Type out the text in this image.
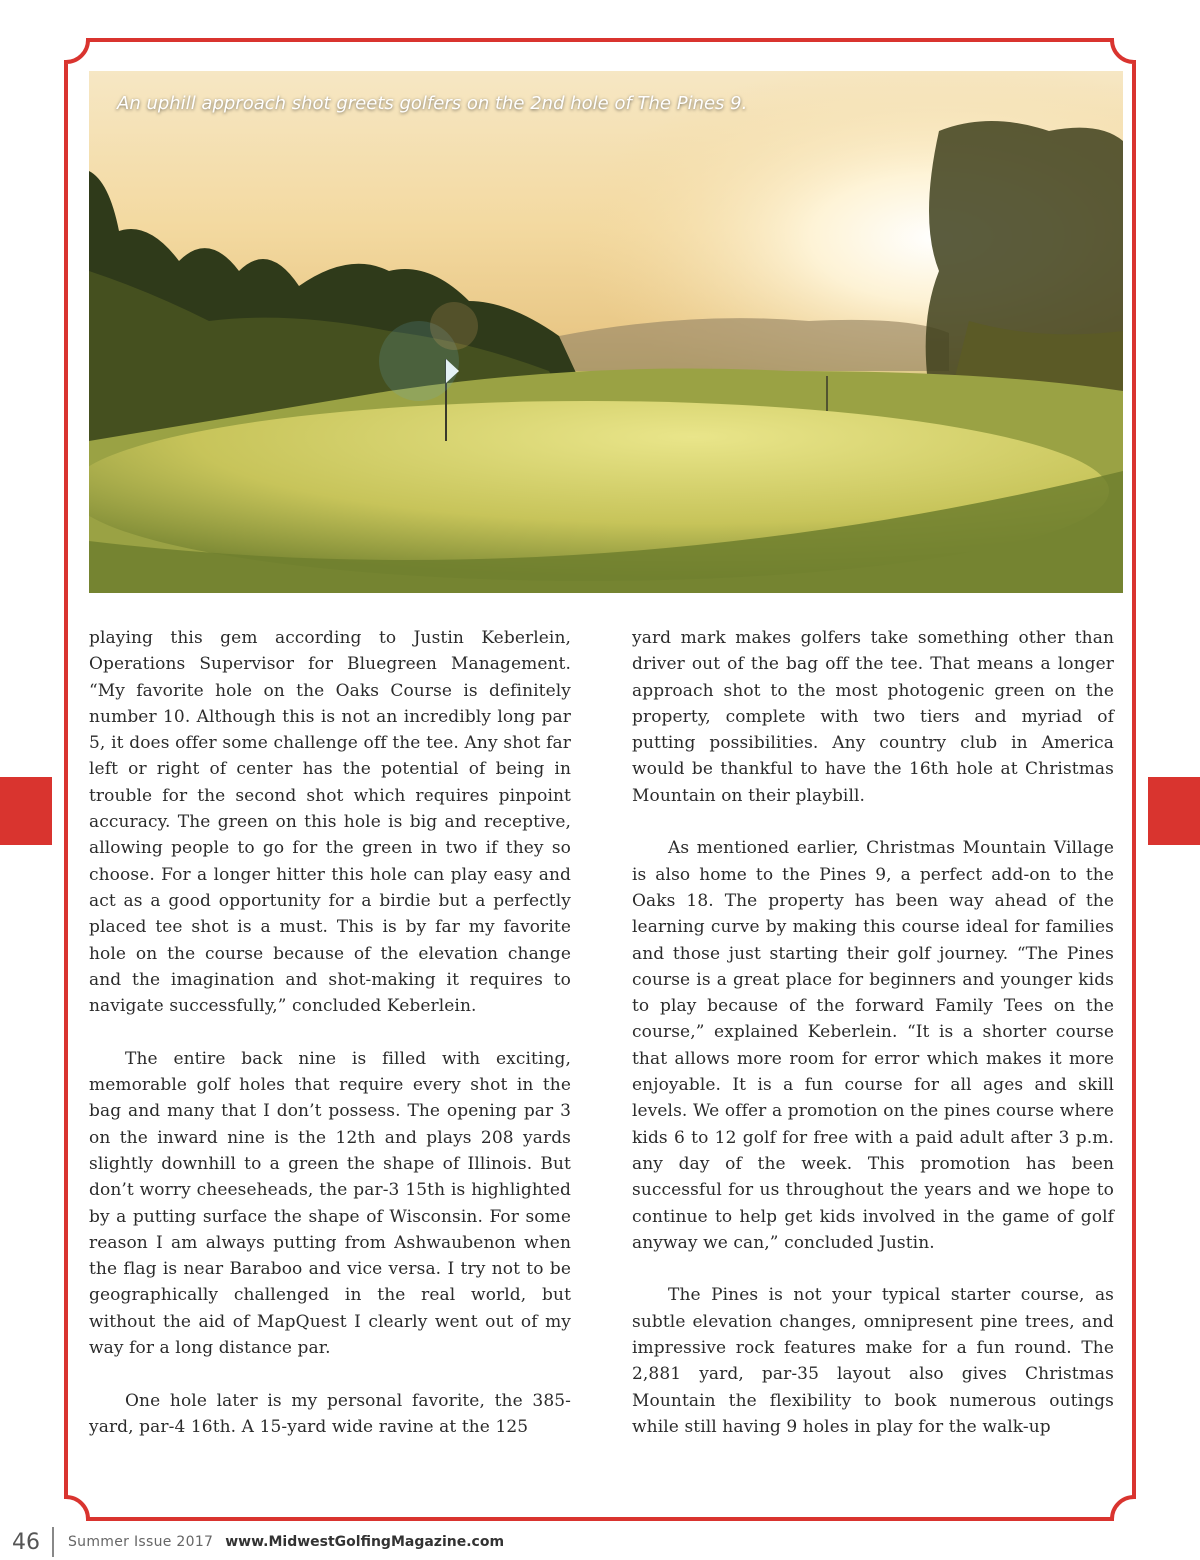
An uphill approach shot greets golfers on the 2nd hole of The Pines 9.

playing this gem according to Justin Keberlein, Operations Supervisor for Bluegreen Management. “My favorite hole on the Oaks Course is definitely number 10. Although this is not an incredibly long par 5, it does offer some challenge off the tee. Any shot far left or right of center has the potential of being in trouble for the second shot which requires pinpoint accuracy. The green on this hole is big and receptive, allowing people to go for the green in two if they so choose. For a longer hitter this hole can play easy and act as a good opportunity for a birdie but a perfectly placed tee shot is a must. This is by far my favorite hole on the course because of the elevation change and the imagination and shot-making it requires to navigate successfully,” concluded Keberlein.

The entire back nine is filled with exciting, memorable golf holes that require every shot in the bag and many that I don’t possess. The opening par 3 on the inward nine is the 12th and plays 208 yards slightly downhill to a green the shape of Illinois. But don’t worry cheeseheads, the par-3 15th is highlighted by a putting surface the shape of Wisconsin. For some reason I am always putting from Ashwaubenon when the flag is near Baraboo and vice versa. I try not to be geographically challenged in the real world, but without the aid of MapQuest I clearly went out of my way for a long distance par.

One hole later is my personal favorite, the 385-yard, par-4 16th. A 15-yard wide ravine at the 125

yard mark makes golfers take something other than driver out of the bag off the tee. That means a longer approach shot to the most photogenic green on the property, complete with two tiers and myriad of putting possibilities. Any country club in America would be thankful to have the 16th hole at Christmas Mountain on their playbill.

As mentioned earlier, Christmas Mountain Village is also home to the Pines 9, a perfect add-on to the Oaks 18. The property has been way ahead of the learning curve by making this course ideal for families and those just starting their golf journey. “The Pines course is a great place for beginners and younger kids to play because of the forward Family Tees on the course,” explained Keberlein. “It is a shorter course that allows more room for error which makes it more enjoyable. It is a fun course for all ages and skill levels. We offer a promotion on the pines course where kids 6 to 12 golf for free with a paid adult after 3 p.m. any day of the week. This promotion has been successful for us throughout the years and we hope to continue to help get kids involved in the game of golf anyway we can,” concluded Justin.

The Pines is not your typical starter course, as subtle elevation changes, omnipresent pine trees, and impressive rock features make for a fun round. The 2,881 yard, par-35 layout also gives Christmas Mountain the flexibility to book numerous outings while still having 9 holes in play for the walk-up

46 Summer Issue 2017 www.MidwestGolfingMagazine.com
